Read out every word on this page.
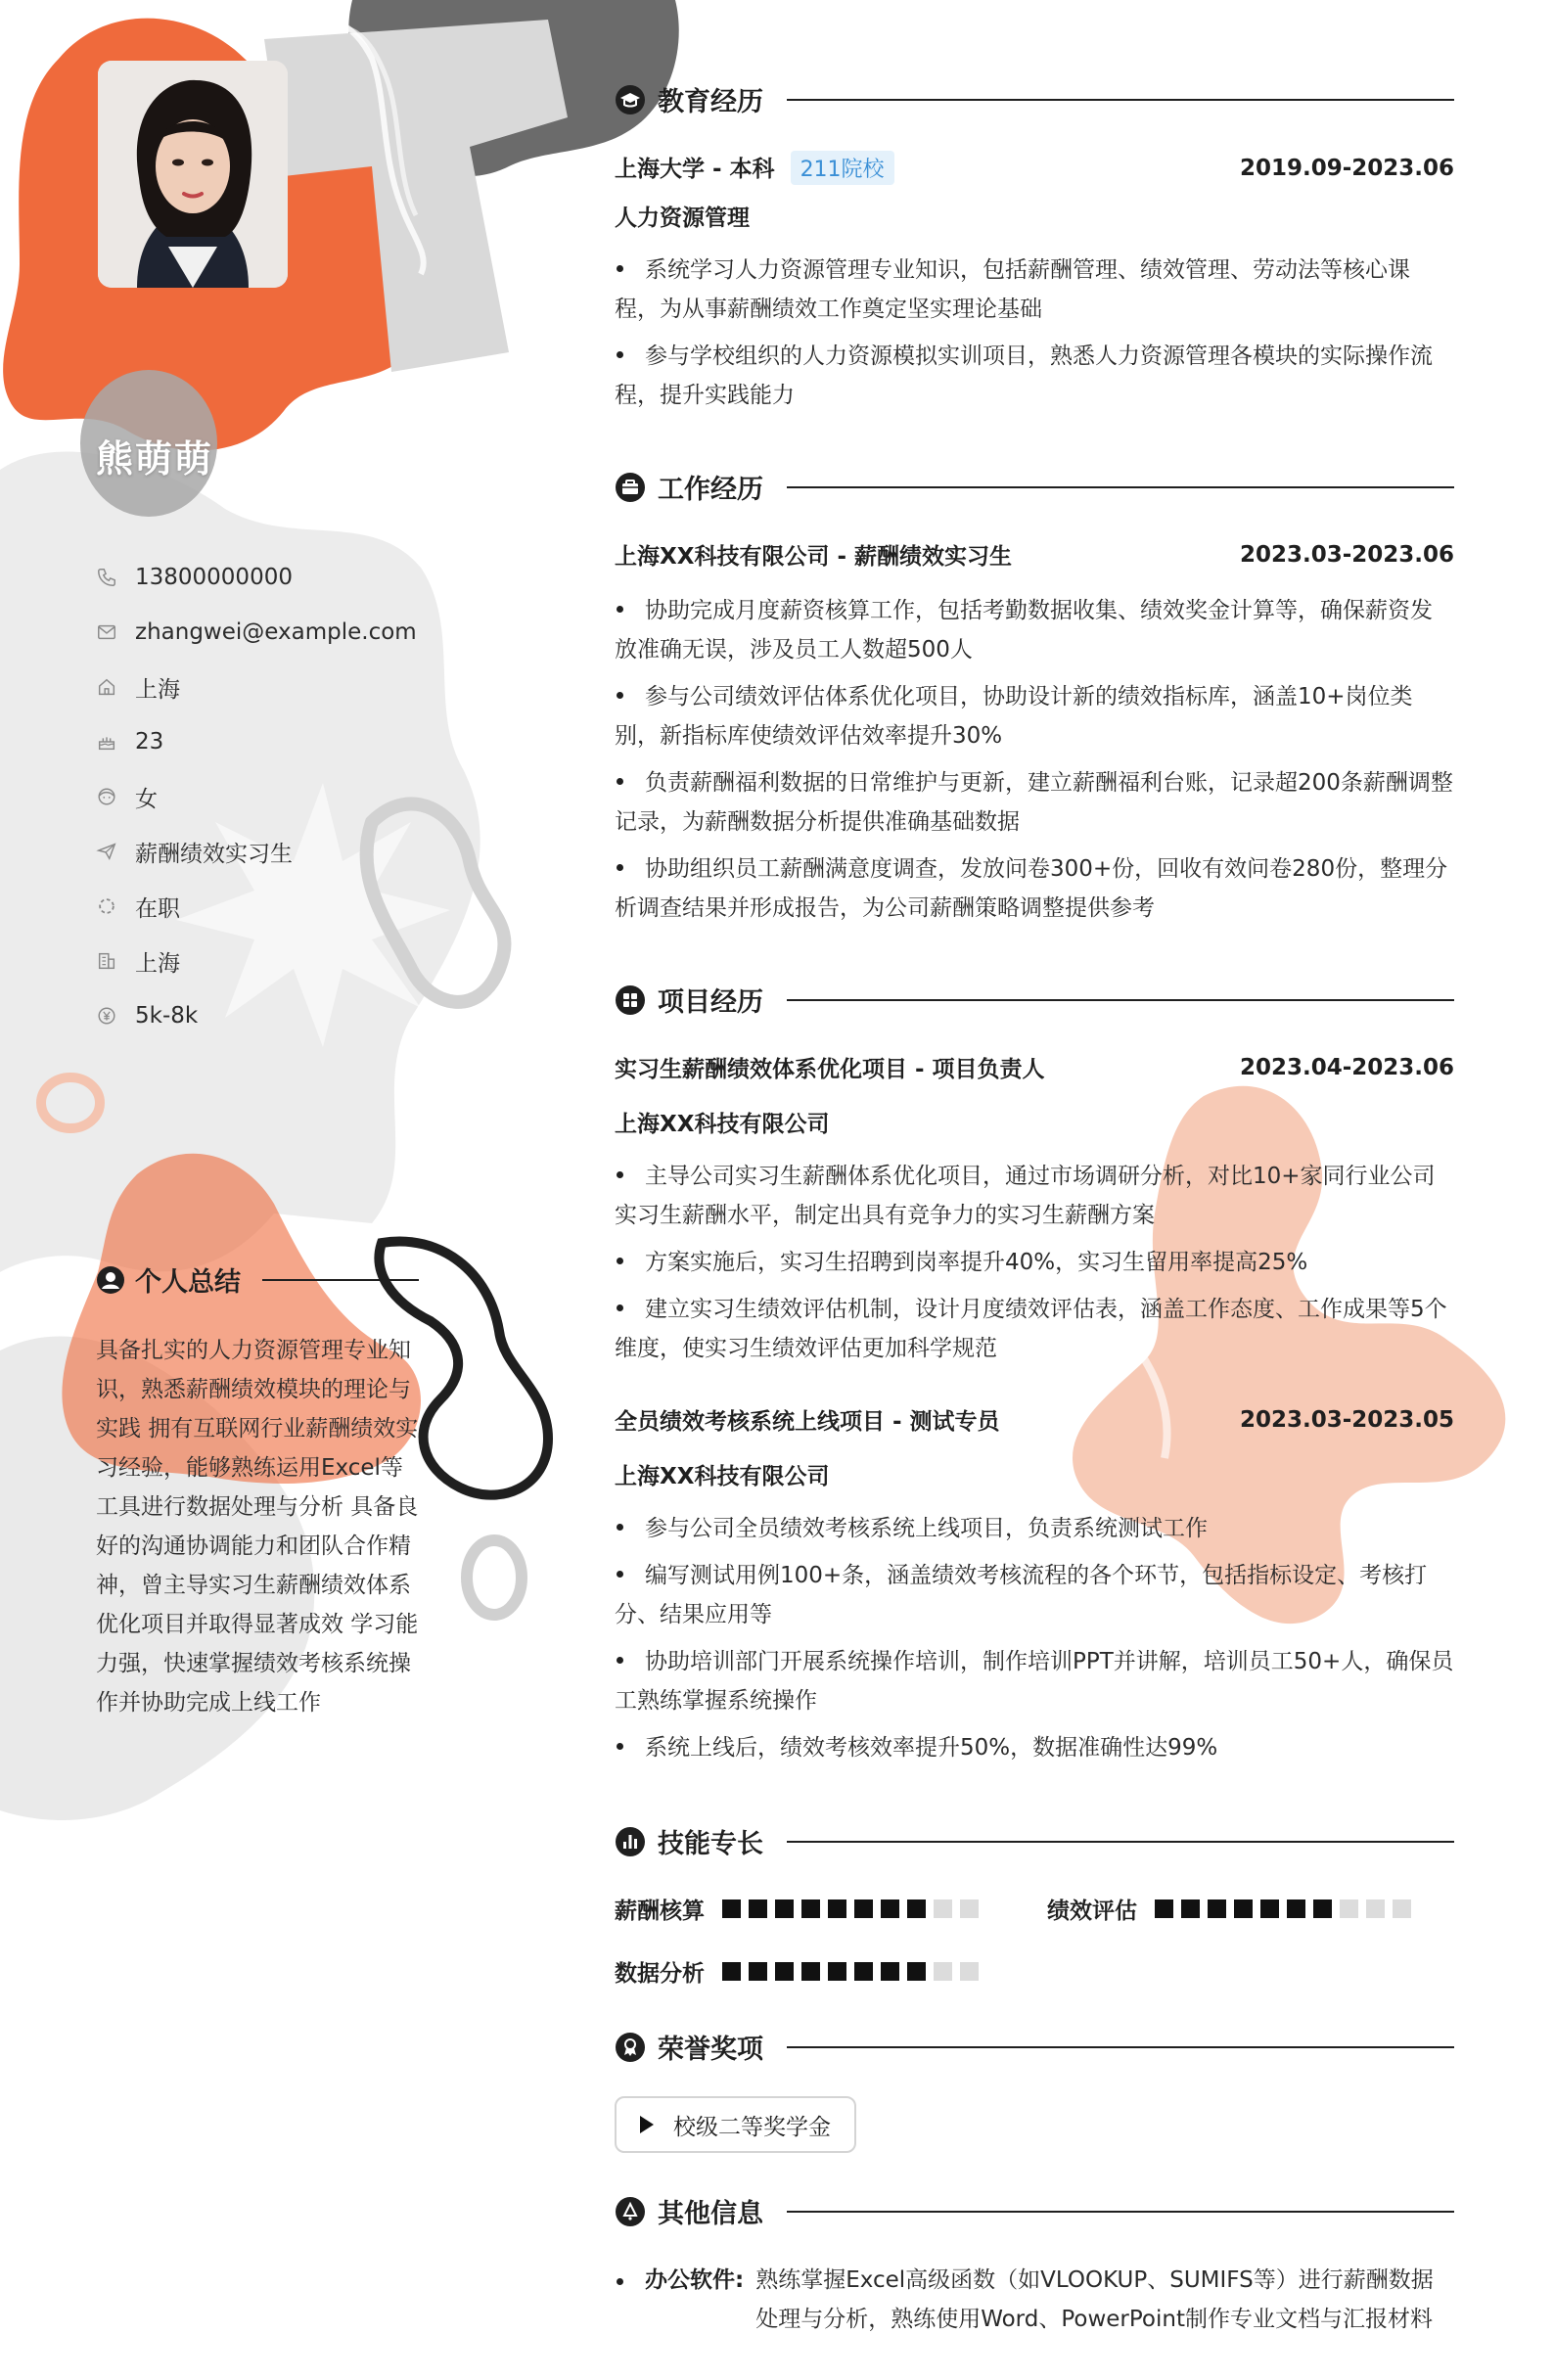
熊萌萌
13800000000
zhangwei@example.com
上海
23
女
薪酬绩效实习生
在职
上海
5k-8k
个人总结
具备扎实的人力资源管理专业知识，熟悉薪酬绩效模块的理论与实践 拥有互联网行业薪酬绩效实习经验，能够熟练运用Excel等工具进行数据处理与分析 具备良好的沟通协调能力和团队合作精神，曾主导实习生薪酬绩效体系优化项目并取得显著成效 学习能力强，快速掌握绩效考核系统操作并协助完成上线工作
教育经历
上海大学 - 本科 211院校	2019.09-2023.06
人力资源管理
系统学习人力资源管理专业知识，包括薪酬管理、绩效管理、劳动法等核心课程，为从事薪酬绩效工作奠定坚实理论基础
参与学校组织的人力资源模拟实训项目，熟悉人力资源管理各模块的实际操作流程，提升实践能力
工作经历
上海XX科技有限公司 - 薪酬绩效实习生	2023.03-2023.06
协助完成月度薪资核算工作，包括考勤数据收集、绩效奖金计算等，确保薪资发放准确无误，涉及员工人数超500人
参与公司绩效评估体系优化项目，协助设计新的绩效指标库，涵盖10+岗位类别，新指标库使绩效评估效率提升30%
负责薪酬福利数据的日常维护与更新，建立薪酬福利台账，记录超200条薪酬调整记录，为薪酬数据分析提供准确基础数据
协助组织员工薪酬满意度调查，发放问卷300+份，回收有效问卷280份，整理分析调查结果并形成报告，为公司薪酬策略调整提供参考
项目经历
实习生薪酬绩效体系优化项目 - 项目负责人	2023.04-2023.06
上海XX科技有限公司
主导公司实习生薪酬体系优化项目，通过市场调研分析，对比10+家同行业公司实习生薪酬水平，制定出具有竞争力的实习生薪酬方案
方案实施后，实习生招聘到岗率提升40%，实习生留用率提高25%
建立实习生绩效评估机制，设计月度绩效评估表，涵盖工作态度、工作成果等5个维度，使实习生绩效评估更加科学规范
全员绩效考核系统上线项目 - 测试专员	2023.03-2023.05
上海XX科技有限公司
参与公司全员绩效考核系统上线项目，负责系统测试工作
编写测试用例100+条，涵盖绩效考核流程的各个环节，包括指标设定、考核打分、结果应用等
协助培训部门开展系统操作培训，制作培训PPT并讲解，培训员工50+人，确保员工熟练掌握系统操作
系统上线后，绩效考核效率提升50%，数据准确性达99%
技能专长
薪酬核算	绩效评估
数据分析
荣誉奖项
校级二等奖学金
其他信息
办公软件: 熟练掌握Excel高级函数（如VLOOKUP、SUMIFS等）进行薪酬数据处理与分析，熟练使用Word、PowerPoint制作专业文档与汇报材料
